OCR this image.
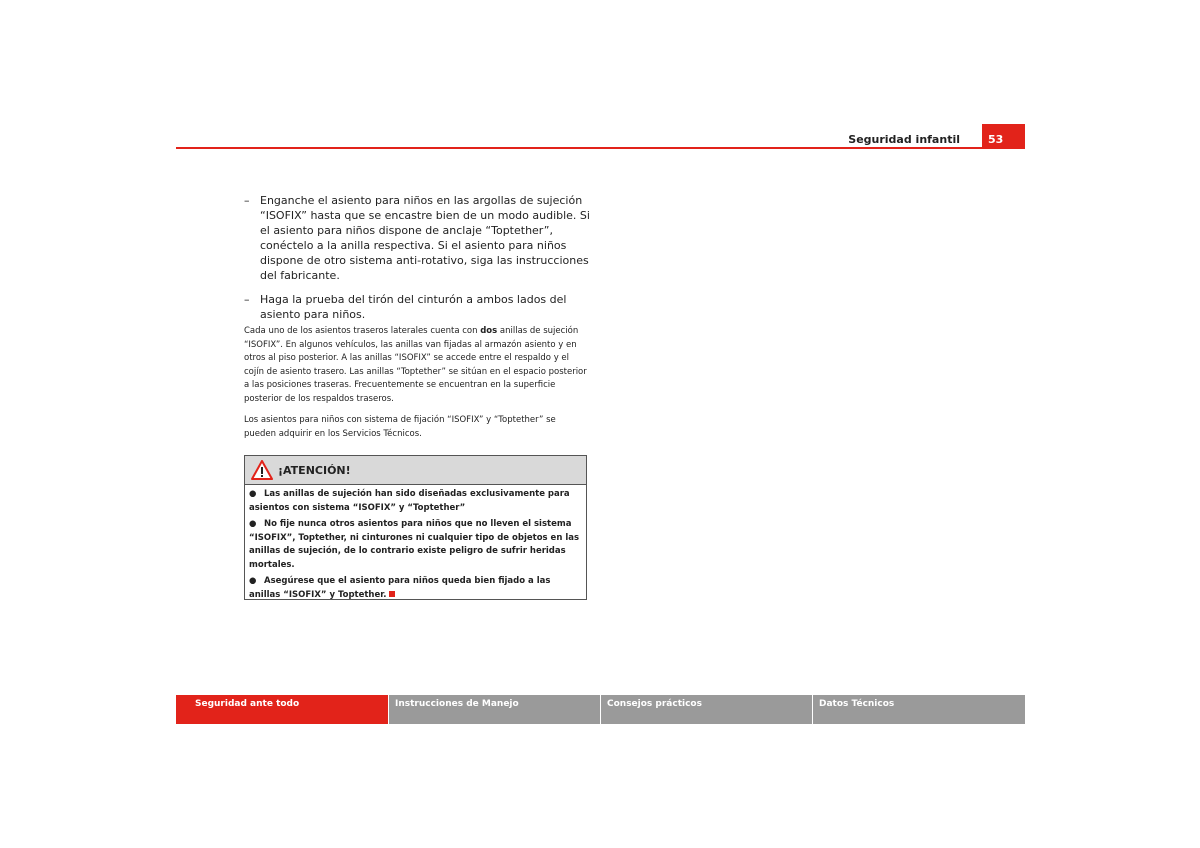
Seguridad infantil	53
– Enganche el asiento para niños en las argollas de sujeción “ISOFIX” hasta que se encastre bien de un modo audible. Si el asiento para niños dispone de anclaje “Toptether”, conéctelo a la anilla respectiva. Si el asiento para niños dispone de otro sistema anti-rotativo, siga las instrucciones del fabricante.
– Haga la prueba del tirón del cinturón a ambos lados del asiento para niños.
Cada uno de los asientos traseros laterales cuenta con dos anillas de sujeción “ISOFIX”. En algunos vehículos, las anillas van fijadas al armazón asiento y en otros al piso posterior. A las anillas “ISOFIX” se accede entre el respaldo y el cojín de asiento trasero. Las anillas “Toptether” se sitúan en el espacio posterior a las posiciones traseras. Frecuentemente se encuentran en la superficie posterior de los respaldos traseros.
Los asientos para niños con sistema de fijación “ISOFIX” y “Toptether” se pueden adquirir en los Servicios Técnicos.
¡ATENCIÓN!
● Las anillas de sujeción han sido diseñadas exclusivamente para asientos con sistema “ISOFIX” y “Toptether”
● No fije nunca otros asientos para niños que no lleven el sistema “ISOFIX”, Toptether, ni cinturones ni cualquier tipo de objetos en las anillas de sujeción, de lo contrario existe peligro de sufrir heridas mortales.
● Asegúrese que el asiento para niños queda bien fijado a las anillas “ISOFIX” y Toptether.
Seguridad ante todo	Instrucciones de Manejo	Consejos prácticos	Datos Técnicos
